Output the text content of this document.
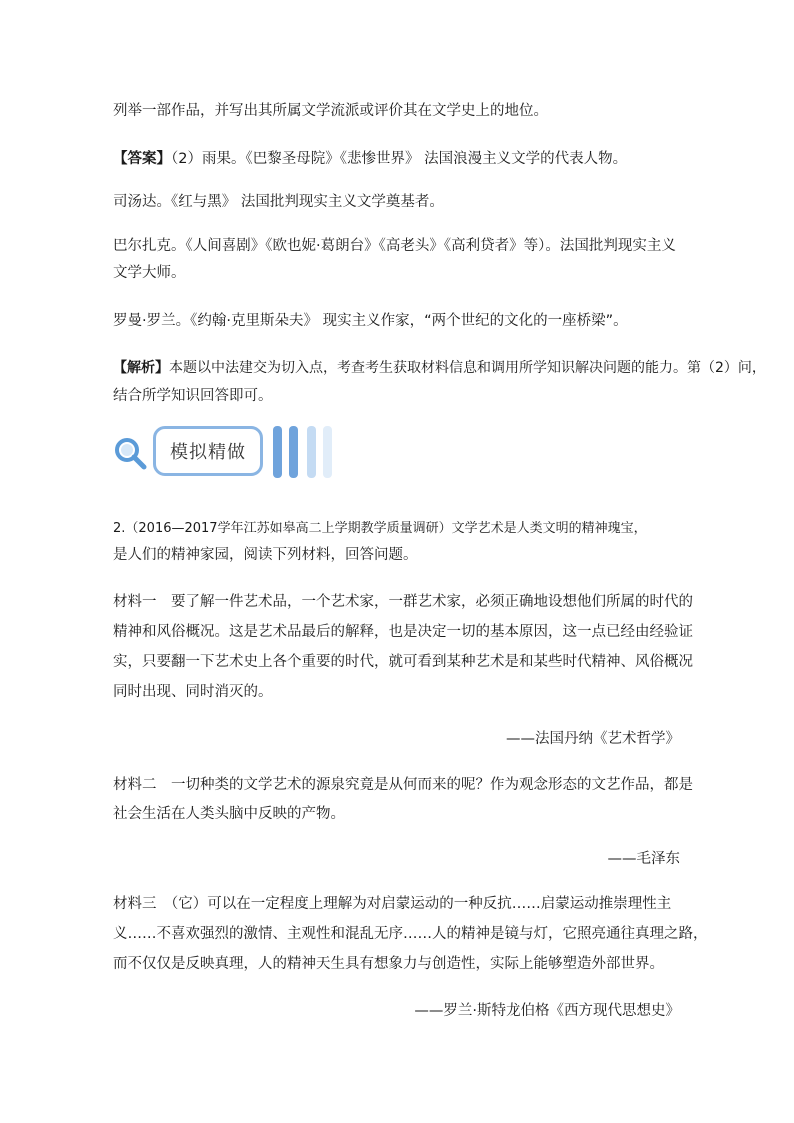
列举一部作品，并写出其所属文学流派或评价其在文学史上的地位。
【答案】（2）雨果。《巴黎圣母院》《悲惨世界》 法国浪漫主义文学的代表人物。
司汤达。《红与黑》 法国批判现实主义文学奠基者。
巴尔扎克。《人间喜剧》《欧也妮·葛朗台》《高老头》《高利贷者》等）。法国批判现实主义
文学大师。
罗曼·罗兰。《约翰·克里斯朵夫》 现实主义作家，“两个世纪的文化的一座桥梁”。
【解析】本题以中法建交为切入点，考查考生获取材料信息和调用所学知识解决问题的能力。第（2）问，
结合所学知识回答即可。
模拟精做
2.（2016—2017学年江苏如皋高二上学期教学质量调研）文学艺术是人类文明的精神瑰宝，
是人们的精神家园，阅读下列材料，回答问题。
材料一　要了解一件艺术品，一个艺术家，一群艺术家，必须正确地设想他们所属的时代的
精神和风俗概况。这是艺术品最后的解释，也是决定一切的基本原因，这一点已经由经验证
实，只要翻一下艺术史上各个重要的时代，就可看到某种艺术是和某些时代精神、风俗概况
同时出现、同时消灭的。
——法国丹纳《艺术哲学》
材料二　一切种类的文学艺术的源泉究竟是从何而来的呢？作为观念形态的文艺作品，都是
社会生活在人类头脑中反映的产物。
——毛泽东
材料三　（它）可以在一定程度上理解为对启蒙运动的一种反抗……启蒙运动推崇理性主
义……不喜欢强烈的激情、主观性和混乱无序……人的精神是镜与灯，它照亮通往真理之路，
而不仅仅是反映真理，人的精神天生具有想象力与创造性，实际上能够塑造外部世界。
——罗兰·斯特龙伯格《西方现代思想史》
